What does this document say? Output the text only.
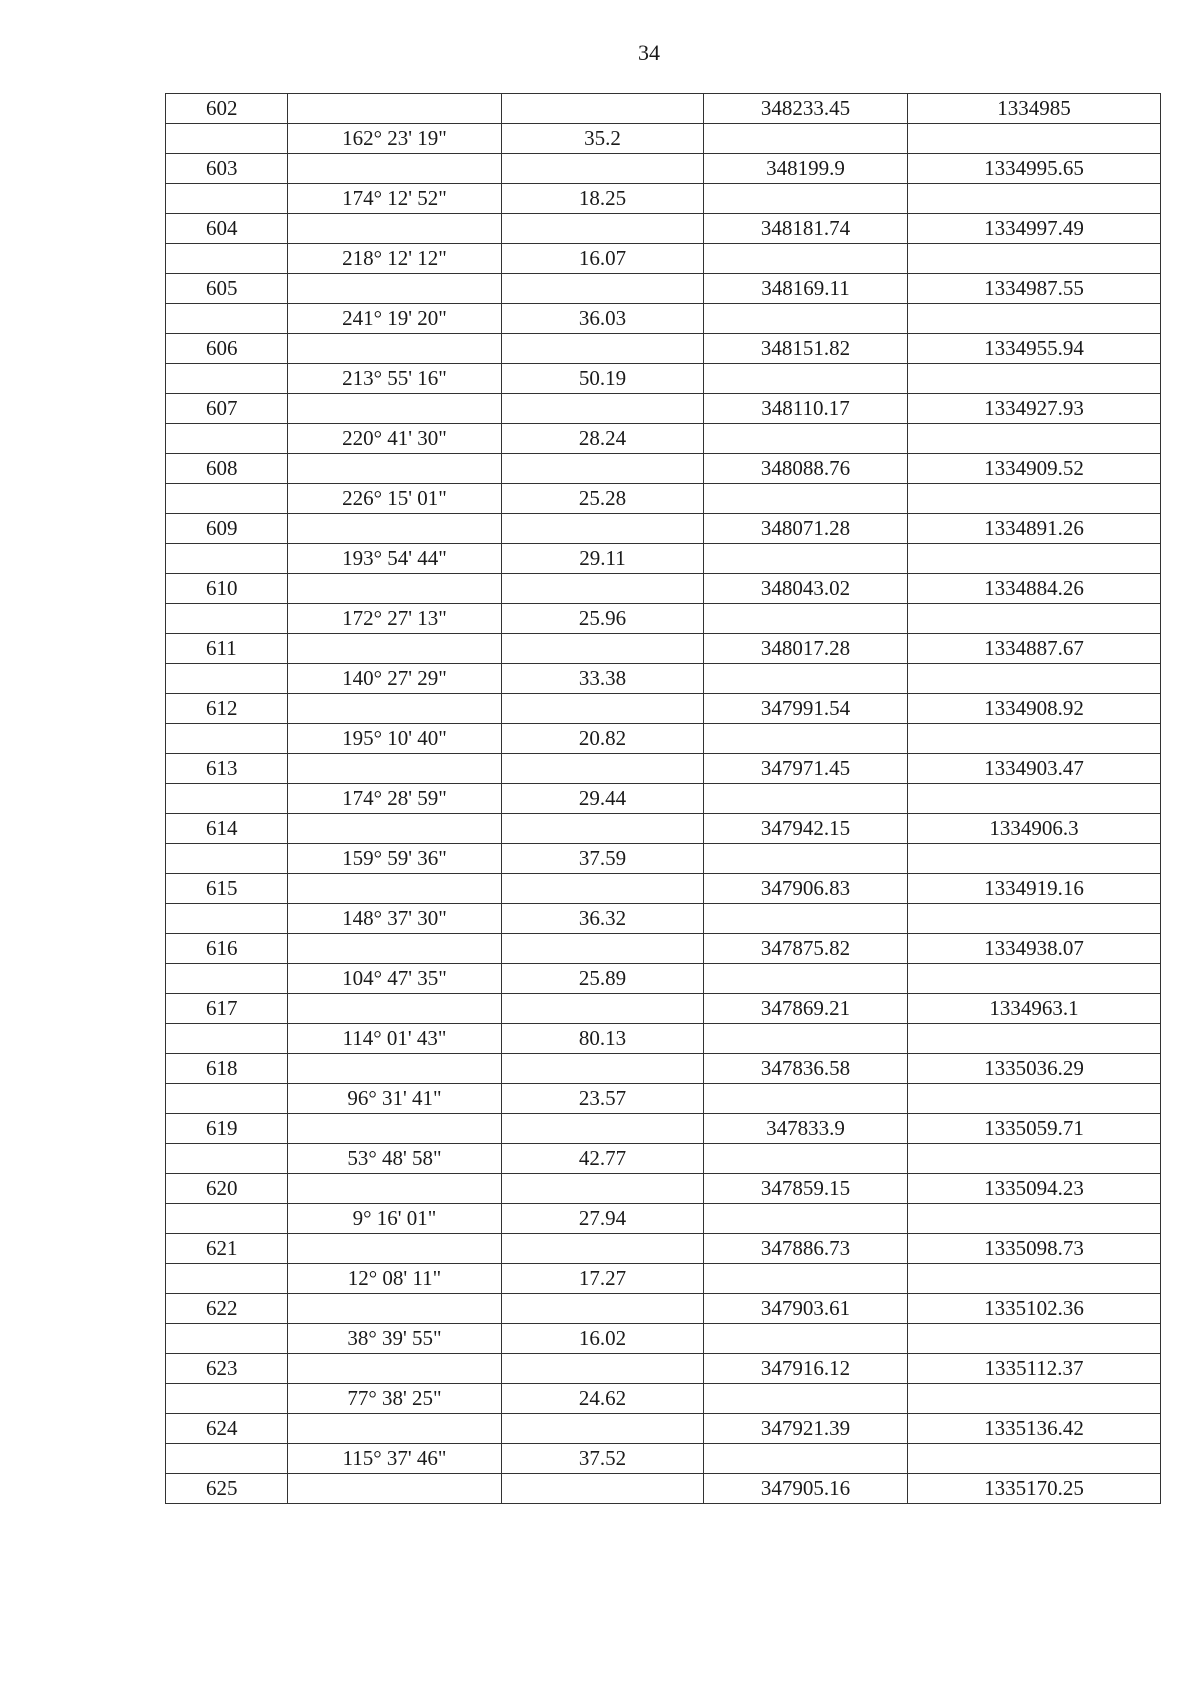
34
602			348233.45	1334985
	162° 23' 19"	35.2		
603			348199.9	1334995.65
	174° 12' 52"	18.25		
604			348181.74	1334997.49
	218° 12' 12"	16.07		
605			348169.11	1334987.55
	241° 19' 20"	36.03		
606			348151.82	1334955.94
	213° 55' 16"	50.19		
607			348110.17	1334927.93
	220° 41' 30"	28.24		
608			348088.76	1334909.52
	226° 15' 01"	25.28		
609			348071.28	1334891.26
	193° 54' 44"	29.11		
610			348043.02	1334884.26
	172° 27' 13"	25.96		
611			348017.28	1334887.67
	140° 27' 29"	33.38		
612			347991.54	1334908.92
	195° 10' 40"	20.82		
613			347971.45	1334903.47
	174° 28' 59"	29.44		
614			347942.15	1334906.3
	159° 59' 36"	37.59		
615			347906.83	1334919.16
	148° 37' 30"	36.32		
616			347875.82	1334938.07
	104° 47' 35"	25.89		
617			347869.21	1334963.1
	114° 01' 43"	80.13		
618			347836.58	1335036.29
	96° 31' 41"	23.57		
619			347833.9	1335059.71
	53° 48' 58"	42.77		
620			347859.15	1335094.23
	9° 16' 01"	27.94		
621			347886.73	1335098.73
	12° 08' 11"	17.27		
622			347903.61	1335102.36
	38° 39' 55"	16.02		
623			347916.12	1335112.37
	77° 38' 25"	24.62		
624			347921.39	1335136.42
	115° 37' 46"	37.52		
625			347905.16	1335170.25
